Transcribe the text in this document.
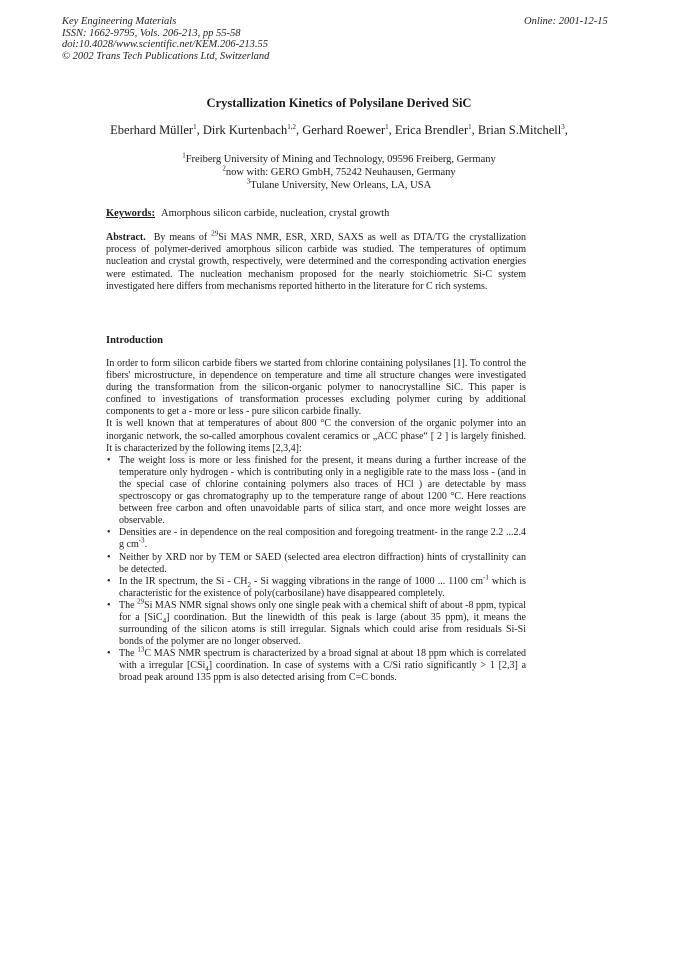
Key Engineering Materials
ISSN: 1662-9795, Vols. 206-213, pp 55-58
doi:10.4028/www.scientific.net/KEM.206-213.55
© 2002 Trans Tech Publications Ltd, Switzerland
Online: 2001-12-15
Crystallization Kinetics of Polysilane Derived SiC
Eberhard Müller$^1$, Dirk Kurtenbach$^{1,2}$, Gerhard Roewer$^1$, Erica Brendler$^1$, Brian S.Mitchell$^3$,
$^1$Freiberg University of Mining and Technology, 09596 Freiberg, Germany
$^2$now with: GERO GmbH, 75242 Neuhausen, Germany
$^3$Tulane University, New Orleans, LA, USA
Keywords: Amorphous silicon carbide, nucleation, crystal growth
Abstract. By means of $^{29}$Si MAS NMR, ESR, XRD, SAXS as well as DTA/TG the crystallization process of polymer-derived amorphous silicon carbide was studied. The temperatures of optimum nucleation and crystal growth, respectively, were determined and the corresponding activation energies were estimated. The nucleation mechanism proposed for the nearly stoichiometric Si-C system investigated here differs from mechanisms reported hitherto in the literature for C rich systems.
Introduction

In order to form silicon carbide fibers we started from chlorine containing polysilanes [1]. To control the fibers' microstructure, in dependence on temperature and time all structure changes were investigated during the transformation from the silicon-organic polymer to nanocrystalline SiC. This paper is confined to investigations of transformation processes excluding polymer curing by additional components to get a - more or less - pure silicon carbide finally.

It is well known that at temperatures of about 800 °C the conversion of the organic polymer into an inorganic network, the so-called amorphous covalent ceramics or „ACC phase“ [ 2 ] is largely finished. It is characterized by the following items [2,3,4]:

• The weight loss is more or less finished for the present, it means during a further increase of the temperature only hydrogen - which is contributing only in a negligible rate to the mass loss - (and in the special case of chlorine containing polymers also traces of HCl ) are detectable by mass spectroscopy or gas chromatography up to the temperature range of about 1200 °C. Here reactions between free carbon and often unavoidable parts of silica start, and once more weight losses are observable.
• Densities are - in dependence on the real composition and foregoing treatment- in the range 2.2 ...2.4 g $cm^{-3}$.
• Neither by XRD nor by TEM or SAED (selected area electron diffraction) hints of crystallinity can be detected.
• In the IR spectrum, the Si - $CH_2$ - Si wagging vibrations in the range of 1000 ... 1100 $cm^{-1}$ which is characteristic for the existence of poly(carbosilane) have disappeared completely.
• The $^{29}$Si MAS NMR signal shows only one single peak with a chemical shift of about -8 ppm, typical for a [SiC$_4$] coordination. But the linewidth of this peak is large (about 35 ppm), it means the surrounding of the silicon atoms is still irregular. Signals which could arise from residuals Si-Si bonds of the polymer are no longer observed.
• The $^{13}$C MAS NMR spectrum is characterized by a broad signal at about 18 ppm which is correlated with a irregular [CSi$_4$] coordination. In case of systems with a C/Si ratio significantly > 1 [2,3] a broad peak around 135 ppm is also detected arising from C=C bonds.
